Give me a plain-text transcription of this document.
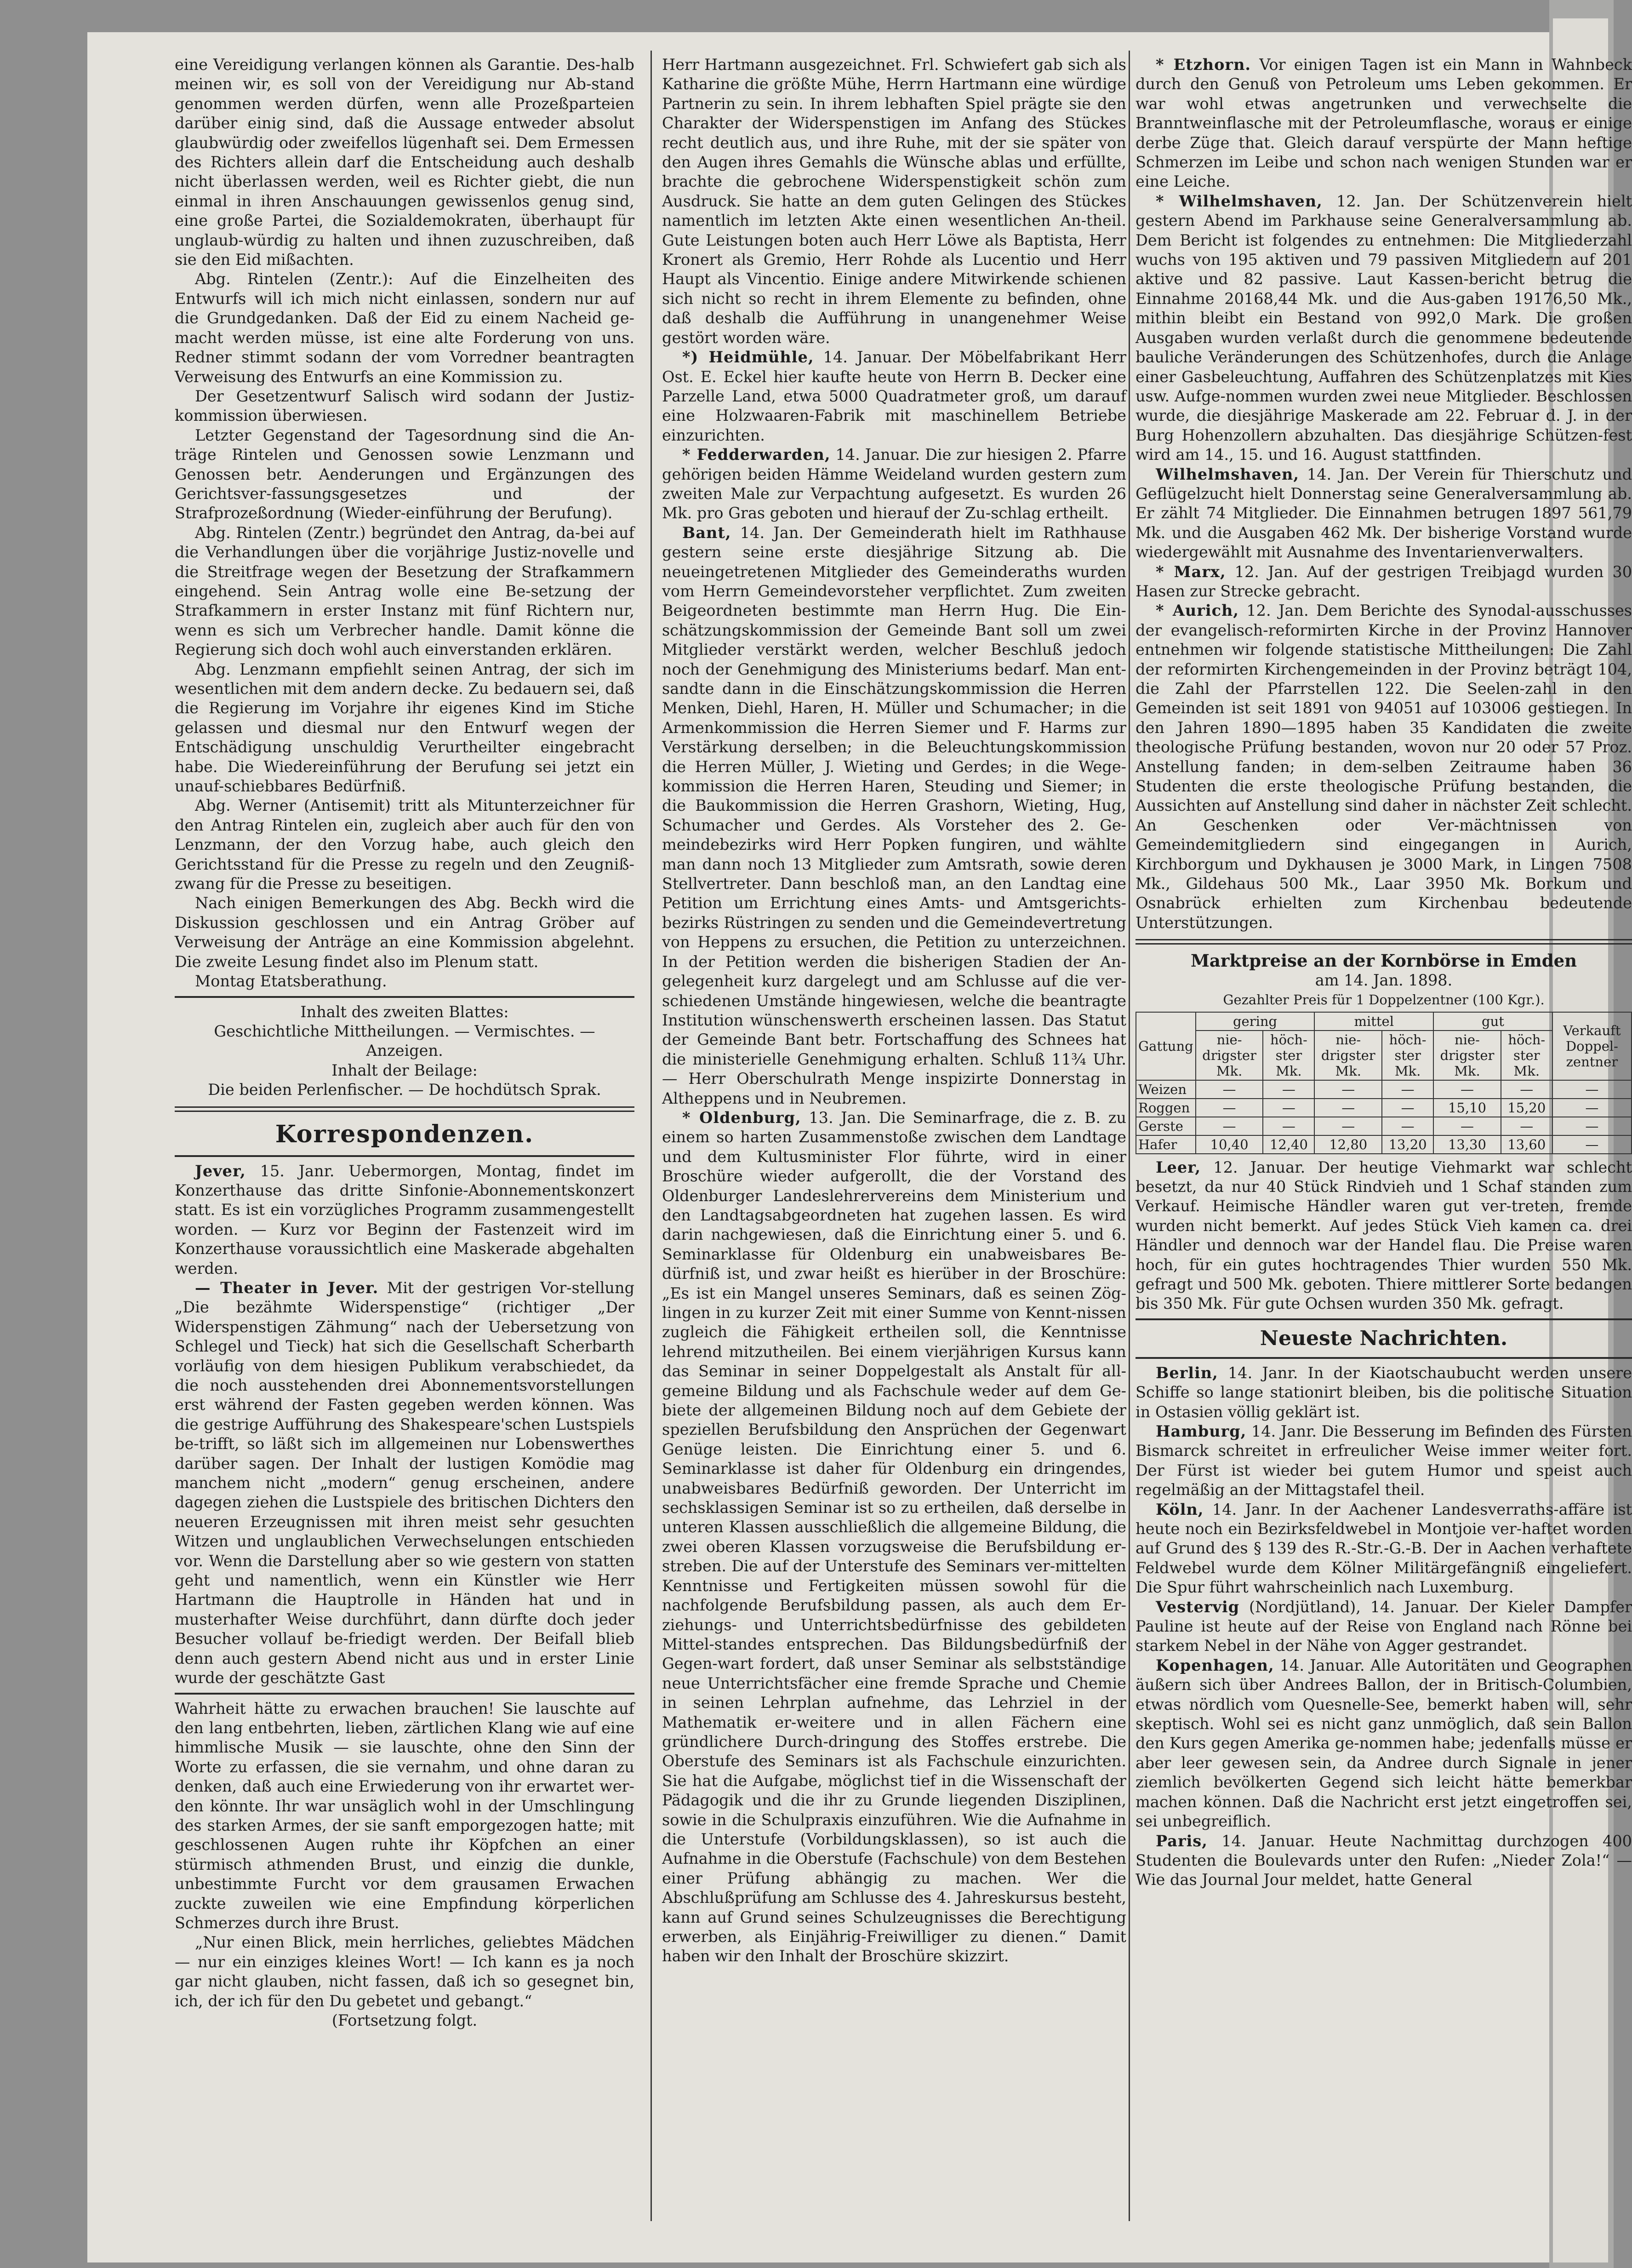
eine Vereidigung verlangen können als Garantie. Des-halb meinen wir, es soll von der Vereidigung nur Ab-stand genommen werden dürfen, wenn alle Prozeßparteien darüber einig sind, daß die Aussage entweder absolut glaubwürdig oder zweifellos lügenhaft sei. Dem Ermessen des Richters allein darf die Entscheidung auch deshalb nicht überlassen werden, weil es Richter giebt, die nun einmal in ihren Anschauungen gewissenlos genug sind, eine große Partei, die Sozialdemokraten, überhaupt für unglaub-würdig zu halten und ihnen zuzuschreiben, daß sie den Eid mißachten.

Abg. Rintelen (Zentr.): Auf die Einzelheiten des Entwurfs will ich mich nicht einlassen, sondern nur auf die Grundgedanken. Daß der Eid zu einem Nacheid ge-macht werden müsse, ist eine alte Forderung von uns. Redner stimmt sodann der vom Vorredner beantragten Verweisung des Entwurfs an eine Kommission zu.

Der Gesetzentwurf Salisch wird sodann der Justiz-kommission überwiesen.

Letzter Gegenstand der Tagesordnung sind die An-träge Rintelen und Genossen sowie Lenzmann und Genossen betr. Aenderungen und Ergänzungen des Gerichtsver-fassungsgesetzes und der Strafprozeßordnung (Wieder-einführung der Berufung).

Abg. Rintelen (Zentr.) begründet den Antrag, da-bei auf die Verhandlungen über die vorjährige Justiz-novelle und die Streitfrage wegen der Besetzung der Strafkammern eingehend. Sein Antrag wolle eine Be-setzung der Strafkammern in erster Instanz mit fünf Richtern nur, wenn es sich um Verbrecher handle. Damit könne die Regierung sich doch wohl auch einverstanden erklären.

Abg. Lenzmann empfiehlt seinen Antrag, der sich im wesentlichen mit dem andern decke. Zu bedauern sei, daß die Regierung im Vorjahre ihr eigenes Kind im Stiche gelassen und diesmal nur den Entwurf wegen der Entschädigung unschuldig Verurtheilter eingebracht habe. Die Wiedereinführung der Berufung sei jetzt ein unauf-schiebbares Bedürfniß.

Abg. Werner (Antisemit) tritt als Mitunterzeichner für den Antrag Rintelen ein, zugleich aber auch für den von Lenzmann, der den Vorzug habe, auch gleich den Gerichtsstand für die Presse zu regeln und den Zeugniß-zwang für die Presse zu beseitigen.

Nach einigen Bemerkungen des Abg. Beckh wird die Diskussion geschlossen und ein Antrag Gröber auf Verweisung der Anträge an eine Kommission abgelehnt. Die zweite Lesung findet also im Plenum statt.

Montag Etatsberathung.

Inhalt des zweiten Blattes:

Geschichtliche Mittheilungen. — Vermischtes. — Anzeigen.

Inhalt der Beilage:

Die beiden Perlenfischer. — De hochdütsch Sprak.

Korrespondenzen.

Jever, 15. Janr. Uebermorgen, Montag, findet im Konzerthause das dritte Sinfonie-Abonnementskonzert statt. Es ist ein vorzügliches Programm zusammengestellt worden. — Kurz vor Beginn der Fastenzeit wird im Konzerthause voraussichtlich eine Maskerade abgehalten werden.

— Theater in Jever. Mit der gestrigen Vor-stellung „Die bezähmte Widerspenstige“ (richtiger „Der Widerspenstigen Zähmung“ nach der Uebersetzung von Schlegel und Tieck) hat sich die Gesellschaft Scherbarth vorläufig von dem hiesigen Publikum verabschiedet, da die noch ausstehenden drei Abonnementsvorstellungen erst während der Fasten gegeben werden können. Was die gestrige Aufführung des Shakespeare'schen Lustspiels be-trifft, so läßt sich im allgemeinen nur Lobenswerthes darüber sagen. Der Inhalt der lustigen Komödie mag manchem nicht „modern“ genug erscheinen, andere dagegen ziehen die Lustspiele des britischen Dichters den neueren Erzeugnissen mit ihren meist sehr gesuchten Witzen und unglaublichen Verwechselungen entschieden vor. Wenn die Darstellung aber so wie gestern von statten geht und namentlich, wenn ein Künstler wie Herr Hartmann die Hauptrolle in Händen hat und in musterhafter Weise durchführt, dann dürfte doch jeder Besucher vollauf be-friedigt werden. Der Beifall blieb denn auch gestern Abend nicht aus und in erster Linie wurde der geschätzte Gast

Wahrheit hätte zu erwachen brauchen! Sie lauschte auf den lang entbehrten, lieben, zärtlichen Klang wie auf eine himmlische Musik — sie lauschte, ohne den Sinn der Worte zu erfassen, die sie vernahm, und ohne daran zu denken, daß auch eine Erwiederung von ihr erwartet wer-den könnte. Ihr war unsäglich wohl in der Umschlingung des starken Armes, der sie sanft emporgezogen hatte; mit geschlossenen Augen ruhte ihr Köpfchen an einer stürmisch athmenden Brust, und einzig die dunkle, unbestimmte Furcht vor dem grausamen Erwachen zuckte zuweilen wie eine Empfindung körperlichen Schmerzes durch ihre Brust.

„Nur einen Blick, mein herrliches, geliebtes Mädchen — nur ein einziges kleines Wort! — Ich kann es ja noch gar nicht glauben, nicht fassen, daß ich so gesegnet bin, ich, der ich für den Du gebetet und gebangt.“

(Fortsetzung folgt.

Herr Hartmann ausgezeichnet. Frl. Schwiefert gab sich als Katharine die größte Mühe, Herrn Hartmann eine würdige Partnerin zu sein. In ihrem lebhaften Spiel prägte sie den Charakter der Widerspenstigen im Anfang des Stückes recht deutlich aus, und ihre Ruhe, mit der sie später von den Augen ihres Gemahls die Wünsche ablas und erfüllte, brachte die gebrochene Widerspenstigkeit schön zum Ausdruck. Sie hatte an dem guten Gelingen des Stückes namentlich im letzten Akte einen wesentlichen An-theil. Gute Leistungen boten auch Herr Löwe als Baptista, Herr Kronert als Gremio, Herr Rohde als Lucentio und Herr Haupt als Vincentio. Einige andere Mitwirkende schienen sich nicht so recht in ihrem Elemente zu befinden, ohne daß deshalb die Aufführung in unangenehmer Weise gestört worden wäre.

*) Heidmühle, 14. Januar. Der Möbelfabrikant Herr Ost. E. Eckel hier kaufte heute von Herrn B. Decker eine Parzelle Land, etwa 5000 Quadratmeter groß, um darauf eine Holzwaaren-Fabrik mit maschinellem Betriebe einzurichten.

* Fedderwarden, 14. Januar. Die zur hiesigen 2. Pfarre gehörigen beiden Hämme Weideland wurden gestern zum zweiten Male zur Verpachtung aufgesetzt. Es wurden 26 Mk. pro Gras geboten und hierauf der Zu-schlag ertheilt.

Bant, 14. Jan. Der Gemeinderath hielt im Rathhause gestern seine erste diesjährige Sitzung ab. Die neueingetretenen Mitglieder des Gemeinderaths wurden vom Herrn Gemeindevorsteher verpflichtet. Zum zweiten Beigeordneten bestimmte man Herrn Hug. Die Ein-schätzungskommission der Gemeinde Bant soll um zwei Mitglieder verstärkt werden, welcher Beschluß jedoch noch der Genehmigung des Ministeriums bedarf. Man ent-sandte dann in die Einschätzungskommission die Herren Menken, Diehl, Haren, H. Müller und Schumacher; in die Armenkommission die Herren Siemer und F. Harms zur Verstärkung derselben; in die Beleuchtungskommission die Herren Müller, J. Wieting und Gerdes; in die Wege-kommission die Herren Haren, Steuding und Siemer; in die Baukommission die Herren Grashorn, Wieting, Hug, Schumacher und Gerdes. Als Vorsteher des 2. Ge-meindebezirks wird Herr Popken fungiren, und wählte man dann noch 13 Mitglieder zum Amtsrath, sowie deren Stellvertreter. Dann beschloß man, an den Landtag eine Petition um Errichtung eines Amts- und Amtsgerichts-bezirks Rüstringen zu senden und die Gemeindevertretung von Heppens zu ersuchen, die Petition zu unterzeichnen. In der Petition werden die bisherigen Stadien der An-gelegenheit kurz dargelegt und am Schlusse auf die ver-schiedenen Umstände hingewiesen, welche die beantragte Institution wünschenswerth erscheinen lassen. Das Statut der Gemeinde Bant betr. Fortschaffung des Schnees hat die ministerielle Genehmigung erhalten. Schluß 11¾ Uhr. — Herr Oberschulrath Menge inspizirte Donnerstag in Altheppens und in Neubremen.

* Oldenburg, 13. Jan. Die Seminarfrage, die z. B. zu einem so harten Zusammenstoße zwischen dem Landtage und dem Kultusminister Flor führte, wird in einer Broschüre wieder aufgerollt, die der Vorstand des Oldenburger Landeslehrervereins dem Ministerium und den Landtagsabgeordneten hat zugehen lassen. Es wird darin nachgewiesen, daß die Einrichtung einer 5. und 6. Seminarklasse für Oldenburg ein unabweisbares Be-dürfniß ist, und zwar heißt es hierüber in der Broschüre: „Es ist ein Mangel unseres Seminars, daß es seinen Zög-lingen in zu kurzer Zeit mit einer Summe von Kennt-nissen zugleich die Fähigkeit ertheilen soll, die Kenntnisse lehrend mitzutheilen. Bei einem vierjährigen Kursus kann das Seminar in seiner Doppelgestalt als Anstalt für all-gemeine Bildung und als Fachschule weder auf dem Ge-biete der allgemeinen Bildung noch auf dem Gebiete der speziellen Berufsbildung den Ansprüchen der Gegenwart Genüge leisten. Die Einrichtung einer 5. und 6. Seminarklasse ist daher für Oldenburg ein dringendes, unabweisbares Bedürfniß geworden. Der Unterricht im sechsklassigen Seminar ist so zu ertheilen, daß derselbe in unteren Klassen ausschließlich die allgemeine Bildung, die zwei oberen Klassen vorzugsweise die Berufsbildung er-streben. Die auf der Unterstufe des Seminars ver-mittelten Kenntnisse und Fertigkeiten müssen sowohl für die nachfolgende Berufsbildung passen, als auch dem Er-ziehungs- und Unterrichtsbedürfnisse des gebildeten Mittel-standes entsprechen. Das Bildungsbedürfniß der Gegen-wart fordert, daß unser Seminar als selbstständige neue Unterrichtsfächer eine fremde Sprache und Chemie in seinen Lehrplan aufnehme, das Lehrziel in der Mathematik er-weitere und in allen Fächern eine gründlichere Durch-dringung des Stoffes erstrebe. Die Oberstufe des Seminars ist als Fachschule einzurichten. Sie hat die Aufgabe, möglichst tief in die Wissenschaft der Pädagogik und die ihr zu Grunde liegenden Disziplinen, sowie in die Schulpraxis einzuführen. Wie die Aufnahme in die Unterstufe (Vorbildungsklassen), so ist auch die Aufnahme in die Oberstufe (Fachschule) von dem Bestehen einer Prüfung abhängig zu machen. Wer die Abschlußprüfung am Schlusse des 4. Jahreskursus besteht, kann auf Grund seines Schulzeugnisses die Berechtigung erwerben, als Einjährig-Freiwilliger zu dienen.“ Damit haben wir den Inhalt der Broschüre skizzirt.

* Etzhorn. Vor einigen Tagen ist ein Mann in Wahnbeck durch den Genuß von Petroleum ums Leben gekommen. Er war wohl etwas angetrunken und verwechselte die Branntweinflasche mit der Petroleumflasche, woraus er einige derbe Züge that. Gleich darauf verspürte der Mann heftige Schmerzen im Leibe und schon nach wenigen Stunden war er eine Leiche.

* Wilhelmshaven, 12. Jan. Der Schützenverein hielt gestern Abend im Parkhause seine Generalversammlung ab. Dem Bericht ist folgendes zu entnehmen: Die Mitgliederzahl wuchs von 195 aktiven und 79 passiven Mitgliedern auf 201 aktive und 82 passive. Laut Kassen-bericht betrug die Einnahme 20168,44 Mk. und die Aus-gaben 19176,50 Mk., mithin bleibt ein Bestand von 992,0 Mark. Die großen Ausgaben wurden verlaßt durch die genommene bedeutende bauliche Veränderungen des Schützenhofes, durch die Anlage einer Gasbeleuchtung, Auffahren des Schützenplatzes mit Kies usw. Aufge-nommen wurden zwei neue Mitglieder. Beschlossen wurde, die diesjährige Maskerade am 22. Februar d. J. in der Burg Hohenzollern abzuhalten. Das diesjährige Schützen-fest wird am 14., 15. und 16. August stattfinden.

Wilhelmshaven, 14. Jan. Der Verein für Thierschutz und Geflügelzucht hielt Donnerstag seine Generalversammlung ab. Er zählt 74 Mitglieder. Die Einnahmen betrugen 1897 561,79 Mk. und die Ausgaben 462 Mk. Der bisherige Vorstand wurde wiedergewählt mit Ausnahme des Inventarienverwalters.

* Marx, 12. Jan. Auf der gestrigen Treibjagd wurden 30 Hasen zur Strecke gebracht.

* Aurich, 12. Jan. Dem Berichte des Synodal-ausschusses der evangelisch-reformirten Kirche in der Provinz Hannover entnehmen wir folgende statistische Mittheilungen: Die Zahl der reformirten Kirchengemeinden in der Provinz beträgt 104, die Zahl der Pfarrstellen 122. Die Seelen-zahl in den Gemeinden ist seit 1891 von 94051 auf 103006 gestiegen. In den Jahren 1890—1895 haben 35 Kandidaten die zweite theologische Prüfung bestanden, wovon nur 20 oder 57 Proz. Anstellung fanden; in dem-selben Zeitraume haben 36 Studenten die erste theologische Prüfung bestanden, die Aussichten auf Anstellung sind daher in nächster Zeit schlecht. An Geschenken oder Ver-mächtnissen von Gemeindemitgliedern sind eingegangen in Aurich, Kirchborgum und Dykhausen je 3000 Mark, in Lingen 7508 Mk., Gildehaus 500 Mk., Laar 3950 Mk. Borkum und Osnabrück erhielten zum Kirchenbau bedeutende Unterstützungen.

Marktpreise an der Kornbörse in Emden

am 14. Jan. 1898.

Gezahlter Preis für 1 Doppelzentner (100 Kgr.).

Gattung	gering		mittel		gut		Verkauft Doppel-zentner
	nie-drigster Mk.	höch-ster Mk.	nie-drigster Mk.	höch-ster Mk.	nie-drigster Mk.	höch-ster Mk.	
Weizen	—	—	—	—	—	—	—
Roggen	—	—	—	—	15,10	15,20	—
Gerste	—	—	—	—	—	—	—
Hafer	10,40	12,40	12,80	13,20	13,30	13,60	—

Leer, 12. Januar. Der heutige Viehmarkt war schlecht besetzt, da nur 40 Stück Rindvieh und 1 Schaf standen zum Verkauf. Heimische Händler waren gut ver-treten, fremde wurden nicht bemerkt. Auf jedes Stück Vieh kamen ca. drei Händler und dennoch war der Handel flau. Die Preise waren hoch, für ein gutes hochtragendes Thier wurden 550 Mk. gefragt und 500 Mk. geboten. Thiere mittlerer Sorte bedangen bis 350 Mk. Für gute Ochsen wurden 350 Mk. gefragt.

Neueste Nachrichten.

Berlin, 14. Janr. In der Kiaotschaubucht werden unsere Schiffe so lange stationirt bleiben, bis die politische Situation in Ostasien völlig geklärt ist.

Hamburg, 14. Janr. Die Besserung im Befinden des Fürsten Bismarck schreitet in erfreulicher Weise immer weiter fort. Der Fürst ist wieder bei gutem Humor und speist auch regelmäßig an der Mittagstafel theil.

Köln, 14. Janr. In der Aachener Landesverraths-affäre ist heute noch ein Bezirksfeldwebel in Montjoie ver-haftet worden auf Grund des § 139 des R.-Str.-G.-B. Der in Aachen verhaftete Feldwebel wurde dem Kölner Militärgefängniß eingeliefert. Die Spur führt wahrscheinlich nach Luxemburg.

Vestervig (Nordjütland), 14. Januar. Der Kieler Dampfer Pauline ist heute auf der Reise von England nach Rönne bei starkem Nebel in der Nähe von Agger gestrandet.

Kopenhagen, 14. Januar. Alle Autoritäten und Geographen äußern sich über Andrees Ballon, der in Britisch-Columbien, etwas nördlich vom Quesnelle-See, bemerkt haben will, sehr skeptisch. Wohl sei es nicht ganz unmöglich, daß sein Ballon den Kurs gegen Amerika ge-nommen habe; jedenfalls müsse er aber leer gewesen sein, da Andree durch Signale in jener ziemlich bevölkerten Gegend sich leicht hätte bemerkbar machen können. Daß die Nachricht erst jetzt eingetroffen sei, sei unbegreiflich.

Paris, 14. Januar. Heute Nachmittag durchzogen 400 Studenten die Boulevards unter den Rufen: „Nieder Zola!“ — Wie das Journal Jour meldet, hatte General
